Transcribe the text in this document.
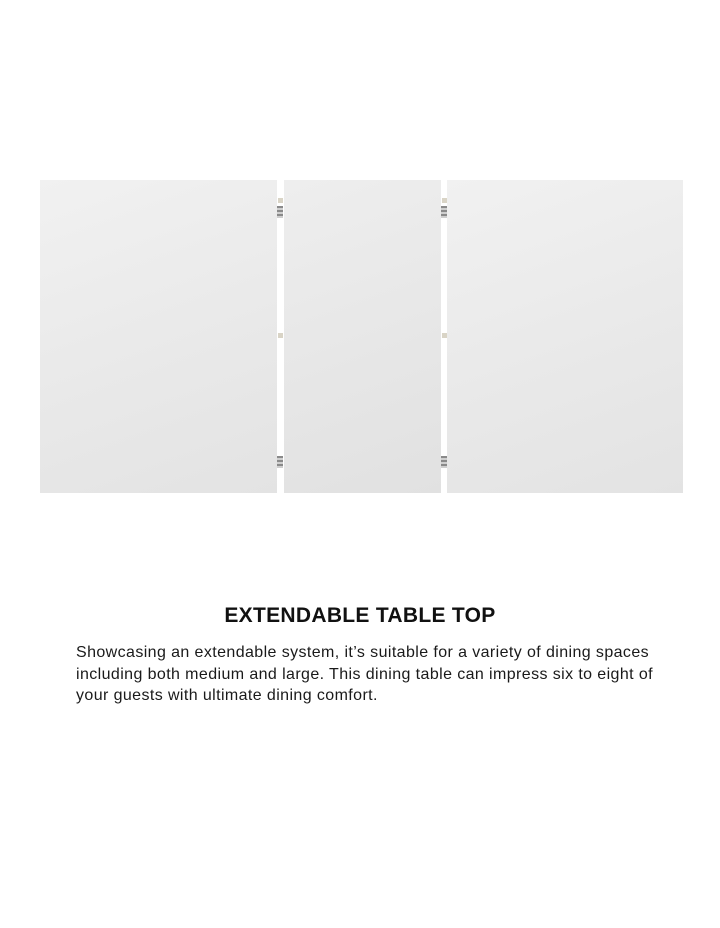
EXTENDABLE TABLE TOP

Showcasing an extendable system, it’s suitable for a variety of dining spaces including both medium and large. This dining table can impress six to eight of your guests with ultimate dining comfort.
